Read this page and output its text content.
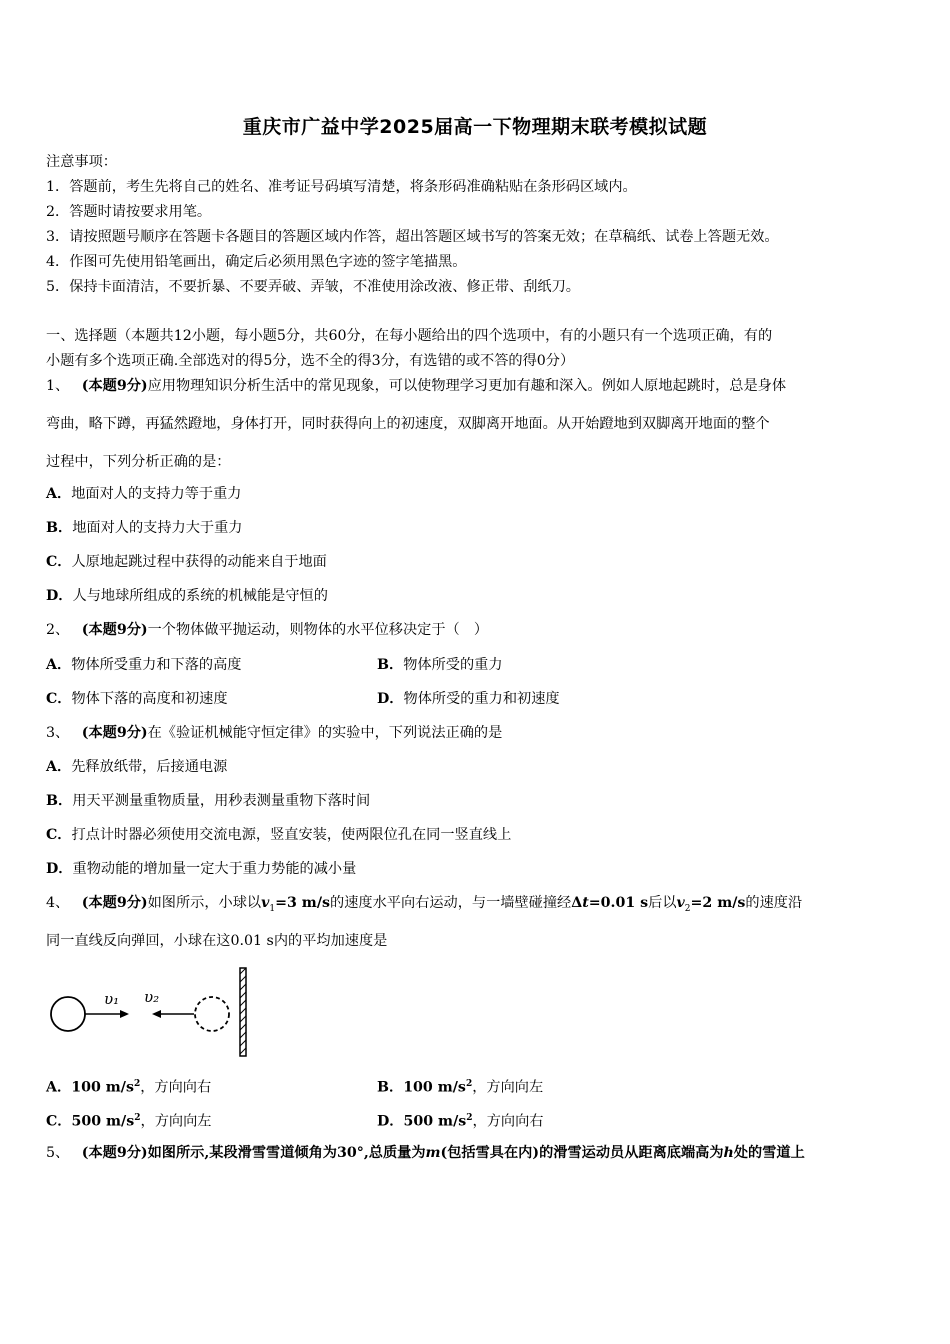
重庆市广益中学2025届高一下物理期末联考模拟试题
注意事项：
1．答题前，考生先将自己的姓名、准考证号码填写清楚，将条形码准确粘贴在条形码区域内。
2．答题时请按要求用笔。
3．请按照题号顺序在答题卡各题目的答题区域内作答，超出答题区域书写的答案无效；在草稿纸、试卷上答题无效。
4．作图可先使用铅笔画出，确定后必须用黑色字迹的签字笔描黑。
5．保持卡面清洁，不要折暴、不要弄破、弄皱，不准使用涂改液、修正带、刮纸刀。
一、选择题（本题共12小题，每小题5分，共60分，在每小题给出的四个选项中，有的小题只有一个选项正确，有的
小题有多个选项正确.全部选对的得5分，选不全的得3分，有选错的或不答的得0分）
1、 (本题9分)应用物理知识分析生活中的常见现象，可以使物理学习更加有趣和深入。例如人原地起跳时，总是身体
弯曲，略下蹲，再猛然蹬地，身体打开，同时获得向上的初速度，双脚离开地面。从开始蹬地到双脚离开地面的整个
过程中，下列分析正确的是：
A．地面对人的支持力等于重力
B．地面对人的支持力大于重力
C．人原地起跳过程中获得的动能来自于地面
D．人与地球所组成的系统的机械能是守恒的
2、 (本题9分)一个物体做平抛运动，则物体的水平位移决定于（　）
A．物体所受重力和下落的高度	B．物体所受的重力
C．物体下落的高度和初速度	D．物体所受的重力和初速度
3、 (本题9分)在《验证机械能守恒定律》的实验中，下列说法正确的是
A．先释放纸带，后接通电源
B．用天平测量重物质量，用秒表测量重物下落时间
C．打点计时器必须使用交流电源，竖直安装，使两限位孔在同一竖直线上
D．重物动能的增加量一定大于重力势能的减小量
4、 (本题9分)如图所示，小球以$v_1=3$ m/s的速度水平向右运动，与一墙壁碰撞经Δt=0.01 s后以$v_2=2$ m/s的速度沿
同一直线反向弹回，小球在这0.01 s内的平均加速度是
υ₁ υ₂
A．100 $m/s^2$，方向向右	B．100 $m/s^2$，方向向左
C．500 $m/s^2$，方向向左	D．500 $m/s^2$，方向向右
5、 (本题9分)如图所示,某段滑雪雪道倾角为30°,总质量为m(包括雪具在内)的滑雪运动员从距离底端高为h处的雪道上
